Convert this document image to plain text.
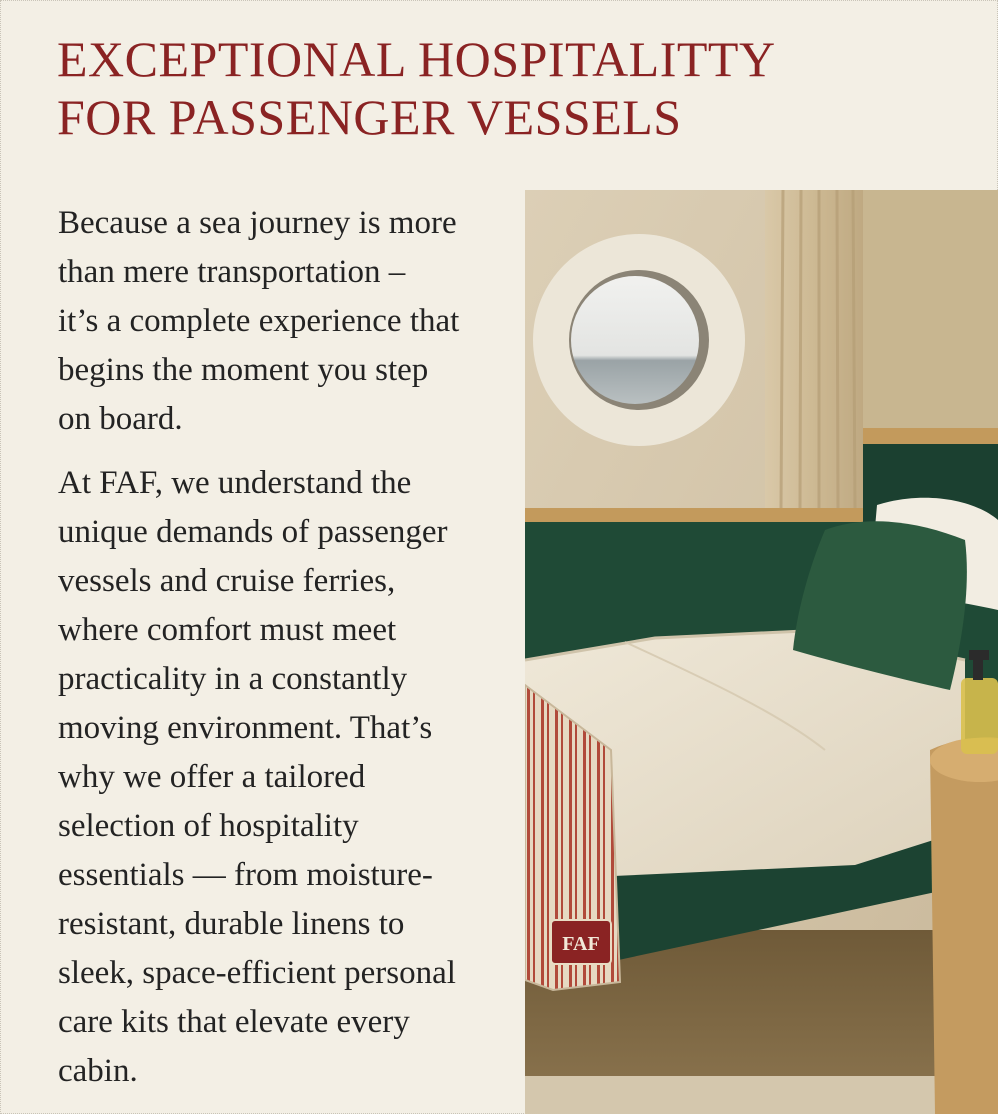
EXCEPTIONAL HOSPITALITTY
FOR PASSENGER VESSELS

Because a sea journey is more
than mere transportation –
it’s a complete experience that
begins the moment you step
on board.

At FAF, we understand the
unique demands of passenger
vessels and cruise ferries,
where comfort must meet
practicality in a constantly
moving environment. That’s
why we offer a tailored
selection of hospitality
essentials — from moisture-
resistant, durable linens to
sleek, space-efficient personal
care kits that elevate every
cabin.

FAF
